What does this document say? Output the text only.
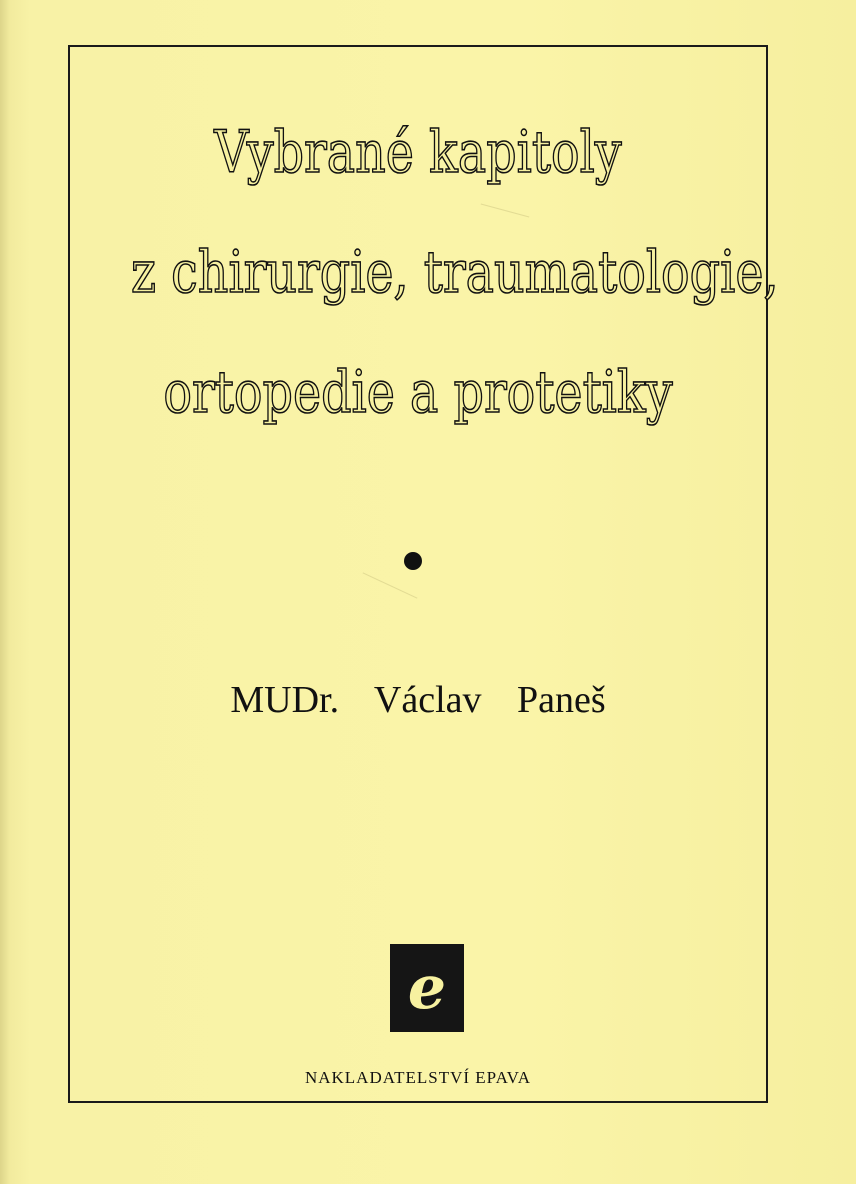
Vybrané kapitoly
z chirurgie, traumatologie,
ortopedie a protetiky
MUDr. Václav Paneš
e
NAKLADATELSTVÍ EPAVA
